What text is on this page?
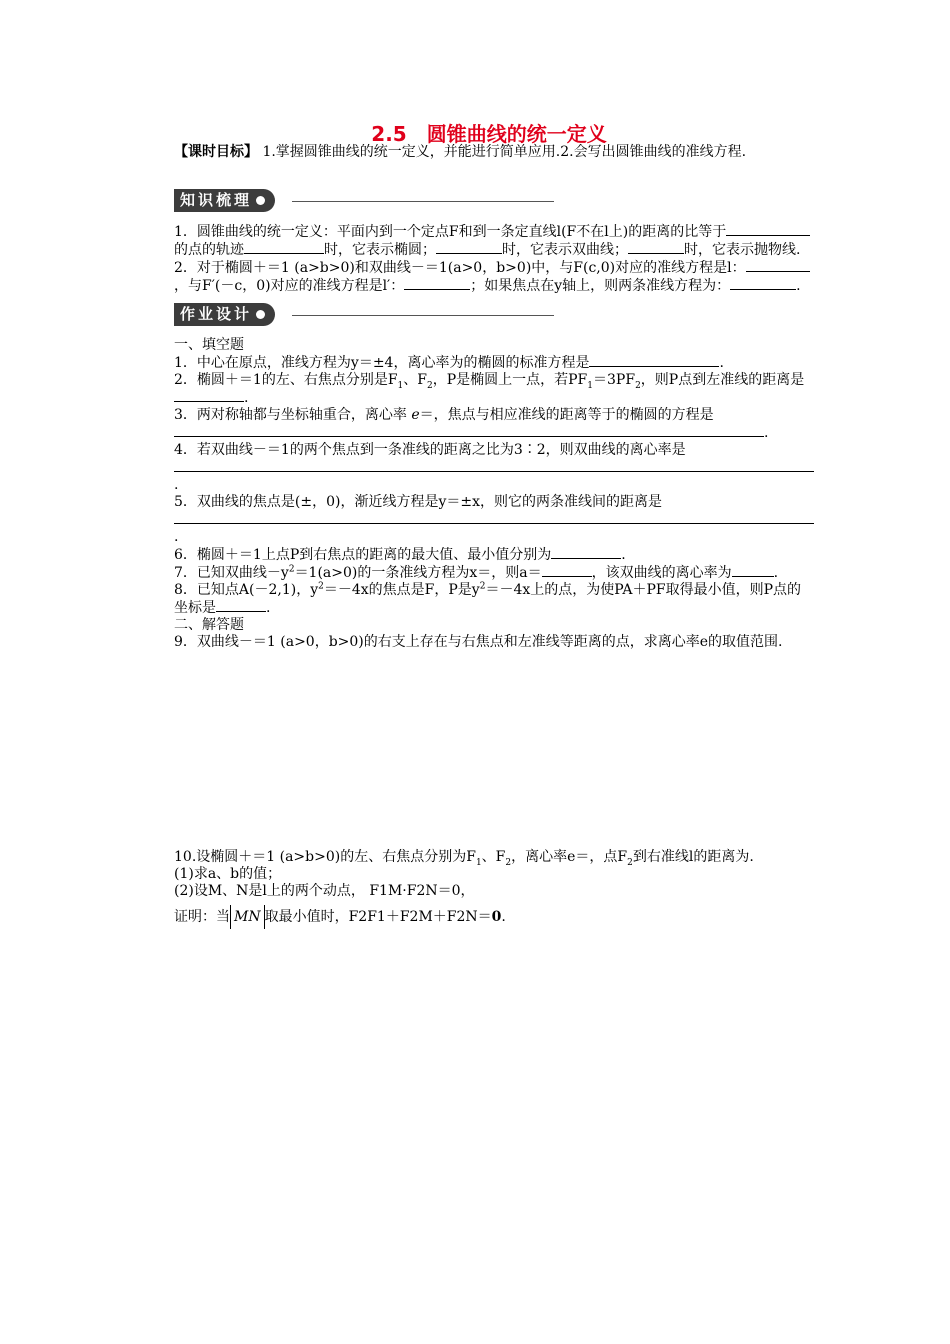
2.5　圆锥曲线的统一定义

【课时目标】 1.掌握圆锥曲线的统一定义，并能进行简单应用.2.会写出圆锥曲线的准线方程.

知识梳理

1．圆锥曲线的统一定义：平面内到一个定点F和到一条定直线l(F不在l上)的距离的比等于的点的轨迹	时，它表示椭圆；	时，它表示双曲线；	时，它表示抛物线.

2．对于椭圆＋＝1 (a>b>0)和双曲线－＝1(a>0，b>0)中，与F(c,0)对应的准线方程是l：，与F′(－c，0)对应的准线方程是l′：	；如果焦点在y轴上，则两条准线方程为：	.

作业设计

一、填空题

1．中心在原点，准线方程为y＝±4，离心率为的椭圆的标准方程是	.

2．椭圆＋＝1的左、右焦点分别是$F_1$、$F_2$，P是椭圆上一点，若$PF_1=3PF_2$，则P点到左准线的距离是.

3．两对称轴都与坐标轴重合，离心率 e＝，焦点与相应准线的距离等于的椭圆的方程是.

4．若双曲线－＝1的两个焦点到一条准线的距离之比为3∶2，则双曲线的离心率是.

5．双曲线的焦点是(±，0)，渐近线方程是y＝±x，则它的两条准线间的距离是.

6．椭圆＋＝1上点P到右焦点的距离的最大值、最小值分别为	.

7．已知双曲线$-y^2=1(a>0)$的一条准线方程为x＝，则a＝	，该双曲线的离心率为	.

8．已知点A(－2,1)，$y^2=-4x$的焦点是F，P是$y^2=-4x$上的点，为使PA＋PF取得最小值，则P点的坐标是	.

二、解答题

9．双曲线－＝1 (a>0，b>0)的右支上存在与右焦点和左准线等距离的点，求离心率e的取值范围.

10.设椭圆＋＝1 (a>b>0)的左、右焦点分别为$F_1$、$F_2$，离心率e＝，点$F_2$到右准线l的距离为.

(1)求a、b的值；

(2)设M、N是l上的两个动点， F1M·F2N＝0，

证明：当 MN 取最小值时，F2F1＋F2M＋F2N＝0.
